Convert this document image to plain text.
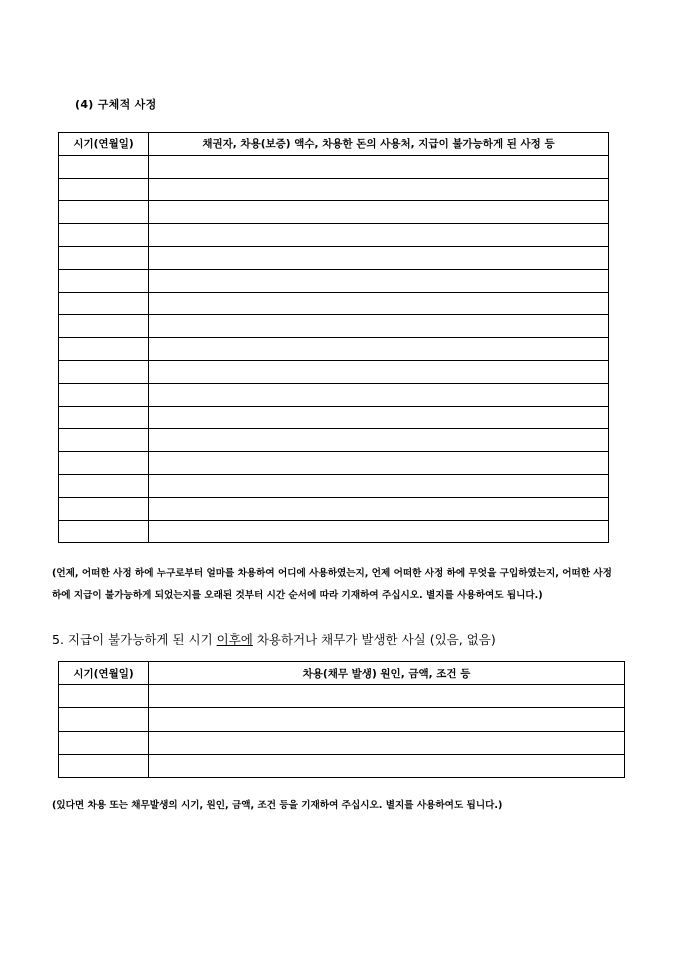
(4) 구체적 사정
시기(연월일)	채권자, 차용(보증) 액수, 차용한 돈의 사용처, 지급이 불가능하게 된 사정 등

(언제, 어떠한 사정 하에 누구로부터 얼마를 차용하여 어디에 사용하였는지, 언제 어떠한 사정 하에 무엇을 구입하였는지, 어떠한 사정 하에 지급이 불가능하게 되었는지를 오래된 것부터 시간 순서에 따라 기재하여 주십시오. 별지를 사용하여도 됩니다.)
5. 지급이 불가능하게 된 시기 이후에 차용하거나 채무가 발생한 사실 (있음, 없음)
시기(연월일)	차용(채무 발생) 원인, 금액, 조건 등

(있다면 차용 또는 채무발생의 시기, 원인, 금액, 조건 등을 기재하여 주십시오. 별지를 사용하여도 됩니다.)
